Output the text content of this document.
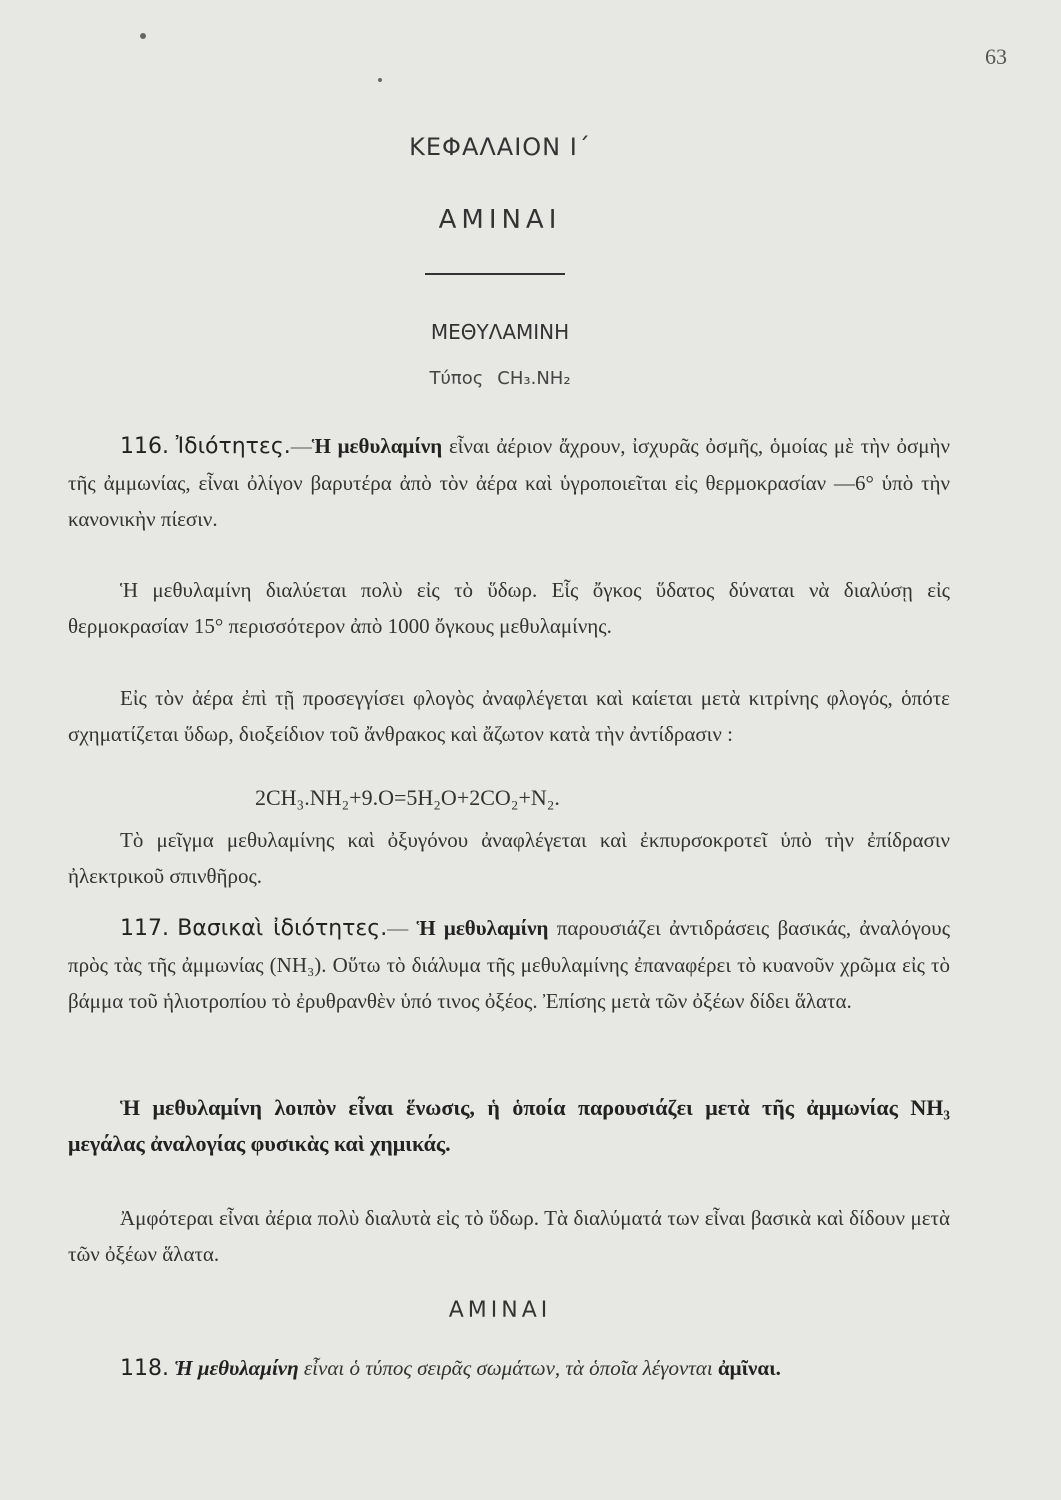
63
ΚΕΦΑΛΑΙΟΝ Ι΄
ΑΜΙΝΑΙ
ΜΕΘΥΛΑΜΙΝΗ
Τύπος CH₃.NH₂
116. Ἰδιότητες.—Ἡ μεθυλαμίνη εἶναι ἀέριον ἄχρουν, ἰσχυρᾶς ὀσμῆς, ὁμοίας μὲ τὴν ὀσμὴν τῆς ἀμμωνίας, εἶναι ὀλίγον βαρυτέρα ἀπὸ τὸν ἀέρα καὶ ὑγροποιεῖται εἰς θερμοκρασίαν —6° ὑπὸ τὴν κανονικὴν πίεσιν.
Ἡ μεθυλαμίνη διαλύεται πολὺ εἰς τὸ ὕδωρ. Εἷς ὄγκος ὕδατος δύναται νὰ διαλύσῃ εἰς θερμοκρασίαν 15° περισσότερον ἀπὸ 1000 ὄγκους μεθυλαμίνης.
Εἰς τὸν ἀέρα ἐπὶ τῇ προσεγγίσει φλογὸς ἀναφλέγεται καὶ καίεται μετὰ κιτρίνης φλογός, ὁπότε σχηματίζεται ὕδωρ, διοξείδιον τοῦ ἄνθρακος καὶ ἄζωτον κατὰ τὴν ἀντίδρασιν :
2CH₃.NH₂+9.O=5H₂O+2CO₂+N₂.
Τὸ μεῖγμα μεθυλαμίνης καὶ ὀξυγόνου ἀναφλέγεται καὶ ἐκπυρσοκροτεῖ ὑπὸ τὴν ἐπίδρασιν ἠλεκτρικοῦ σπινθῆρος.
117. Βασικαὶ ἰδιότητες.— Ἡ μεθυλαμίνη παρουσιάζει ἀντιδράσεις βασικάς, ἀναλόγους πρὸς τὰς τῆς ἀμμωνίας (NH₃). Οὕτω τὸ διάλυμα τῆς μεθυλαμίνης ἐπαναφέρει τὸ κυανοῦν χρῶμα εἰς τὸ βάμμα τοῦ ἡλιοτροπίου τὸ ἐρυθρανθὲν ὑπό τινος ὀξέος. Ἐπίσης μετὰ τῶν ὀξέων δίδει ἅλατα.
Ἡ μεθυλαμίνη λοιπὸν εἶναι ἕνωσις, ἡ ὁποία παρουσιάζει μετὰ τῆς ἀμμωνίας NH₃ μεγάλας ἀναλογίας φυσικὰς καὶ χημικάς.
Ἀμφότεραι εἶναι ἀέρια πολὺ διαλυτὰ εἰς τὸ ὕδωρ. Τὰ διαλύματά των εἶναι βασικὰ καὶ δίδουν μετὰ τῶν ὀξέων ἅλατα.
ΑΜΙΝΑΙ
118. Ἡ μεθυλαμίνη εἶναι ὁ τύπος σειρᾶς σωμάτων, τὰ ὁποῖα λέγονται ἀμῖναι.
